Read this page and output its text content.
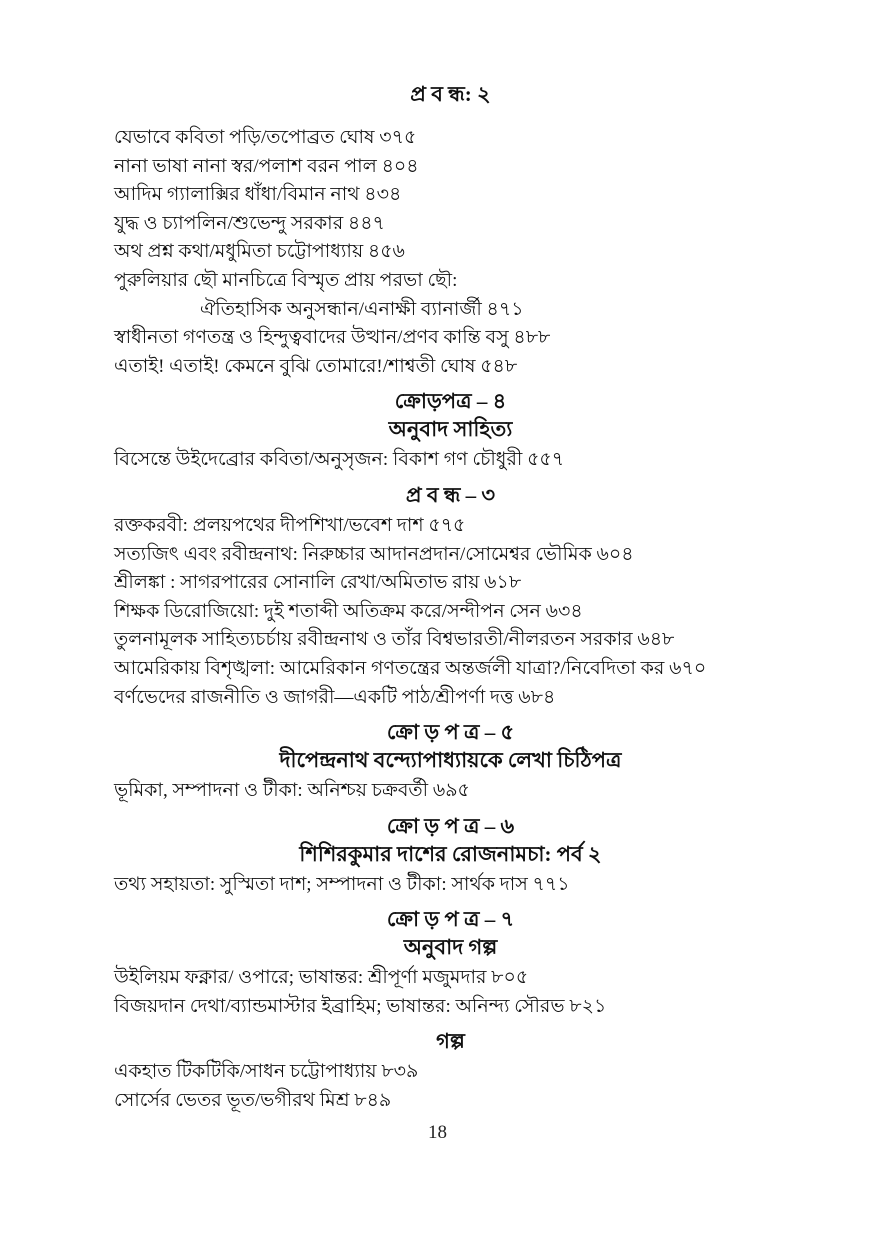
প্র ব ন্ধ: ২
যেভাবে কবিতা পড়ি/তপোব্রত ঘোষ ৩৭৫
নানা ভাষা নানা স্বর/পলাশ বরন পাল ৪০৪
আদিম গ্যালাক্সির ধাঁধা/বিমান নাথ ৪৩৪
যুদ্ধ ও চ্যাপলিন/শুভেন্দু সরকার ৪৪৭
অথ প্রশ্ন কথা/মধুমিতা চট্টোপাধ্যায় ৪৫৬
পুরুলিয়ার ছৌ মানচিত্রে বিস্মৃত প্রায় পরভা ছৌ:
ঐতিহাসিক অনুসন্ধান/এনাক্ষী ব্যানার্জী ৪৭১
স্বাধীনতা গণতন্ত্র ও হিন্দুত্ববাদের উত্থান/প্রণব কান্তি বসু ৪৮৮
এতাই! এতাই! কেমনে বুঝি তোমারে!/শাশ্বতী ঘোষ ৫৪৮
ক্রোড়পত্র – ৪
অনুবাদ সাহিত্য
বিসেন্তে উইদেব্রোর কবিতা/অনুসৃজন: বিকাশ গণ চৌধুরী ৫৫৭
প্র ব ন্ধ – ৩
রক্তকরবী: প্রলয়পথের দীপশিখা/ভবেশ দাশ ৫৭৫
সত্যজিৎ এবং রবীন্দ্রনাথ: নিরুচ্চার আদানপ্রদান/সোমেশ্বর ভৌমিক ৬০৪
শ্রীলঙ্কা : সাগরপারের সোনালি রেখা/অমিতাভ রায় ৬১৮
শিক্ষক ডিরোজিয়ো: দুই শতাব্দী অতিক্রম করে/সন্দীপন সেন ৬৩৪
তুলনামূলক সাহিত্যচর্চায় রবীন্দ্রনাথ ও তাঁর বিশ্বভারতী/নীলরতন সরকার ৬৪৮
আমেরিকায় বিশৃঙ্খলা: আমেরিকান গণতন্ত্রের অন্তর্জলী যাত্রা?/নিবেদিতা কর ৬৭০
বর্ণভেদের রাজনীতি ও জাগরী—একটি পাঠ/শ্রীপর্ণা দত্ত ৬৮৪
ক্রো ড় প ত্র – ৫
দীপেন্দ্রনাথ বন্দ্যোপাধ্যায়কে লেখা চিঠিপত্র
ভূমিকা, সম্পাদনা ও টীকা: অনিশ্চয় চক্রবর্তী ৬৯৫
ক্রো ড় প ত্র – ৬
শিশিরকুমার দাশের রোজনামচা: পর্ব ২
তথ্য সহায়তা: সুস্মিতা দাশ; সম্পাদনা ও টীকা: সার্থক দাস ৭৭১
ক্রো ড় প ত্র – ৭
অনুবাদ গল্প
উইলিয়ম ফক্নার/ ওপারে; ভাষান্তর: শ্রীপূর্ণা মজুমদার ৮০৫
বিজয়দান দেথা/ব্যান্ডমাস্টার ইব্রাহিম; ভাষান্তর: অনিন্দ্য সৌরভ ৮২১
গল্প
একহাত টিকটিকি/সাধন চট্টোপাধ্যায় ৮৩৯
সোর্সের ভেতর ভূত/ভগীরথ মিশ্র ৮৪৯
18
